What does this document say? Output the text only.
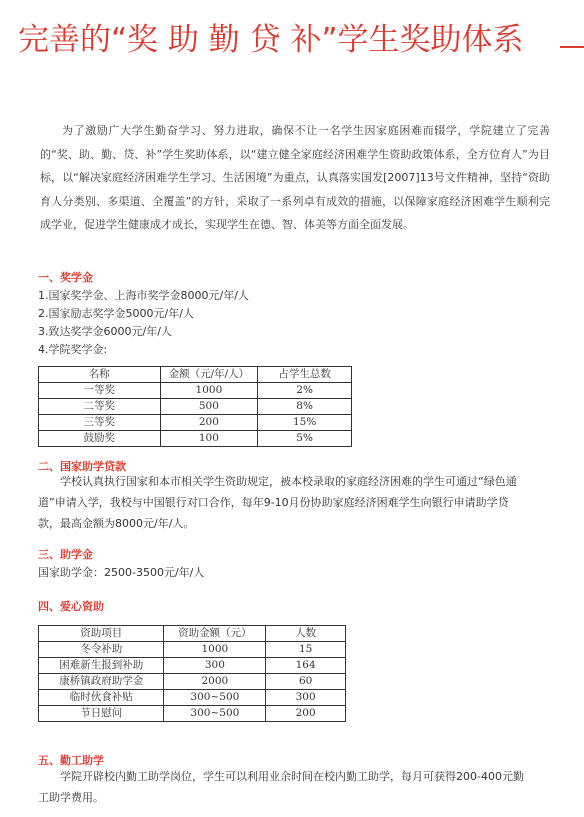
完善的“奖 助 勤 贷 补”学生奖助体系

为了激励广大学生勤奋学习、努力进取，确保不让一名学生因家庭困难而辍学，学院建立了完善的“奖、助、勤、贷、补”学生奖助体系，以“建立健全家庭经济困难学生资助政策体系，全方位育人”为目标，以“解决家庭经济困难学生学习、生活困境”为重点，认真落实国发[2007]13号文件精神，坚持“资助育人分类别、多渠道、全覆盖”的方针，采取了一系列卓有成效的措施，以保障家庭经济困难学生顺利完成学业，促进学生健康成才成长，实现学生在德、智、体美等方面全面发展。

一、奖学金

1.国家奖学金、上海市奖学金8000元/年/人

2.国家励志奖学金5000元/年/人

3.致达奖学金6000元/年/人

4.学院奖学金:

名称	金额（元/年/人）	占学生总数
一等奖	1000	2%
二等奖	500	8%
三等奖	200	15%
鼓励奖	100	5%

二、国家助学贷款

学校认真执行国家和本市相关学生资助规定，被本校录取的家庭经济困难的学生可通过“绿色通道”申请入学，我校与中国银行对口合作，每年9-10月份协助家庭经济困难学生向银行申请助学贷款，最高金额为8000元/年/人。

三、助学金

国家助学金：2500-3500元/年/人

四、爱心资助

资助项目	资助金额（元）	人数
冬令补助	1000	15
困难新生报到补助	300	164
康桥镇政府助学金	2000	60
临时伙食补贴	300~500	300
节日慰问	300~500	200

五、勤工助学

学院开辟校内勤工助学岗位，学生可以利用业余时间在校内勤工助学，每月可获得200-400元勤工助学费用。
